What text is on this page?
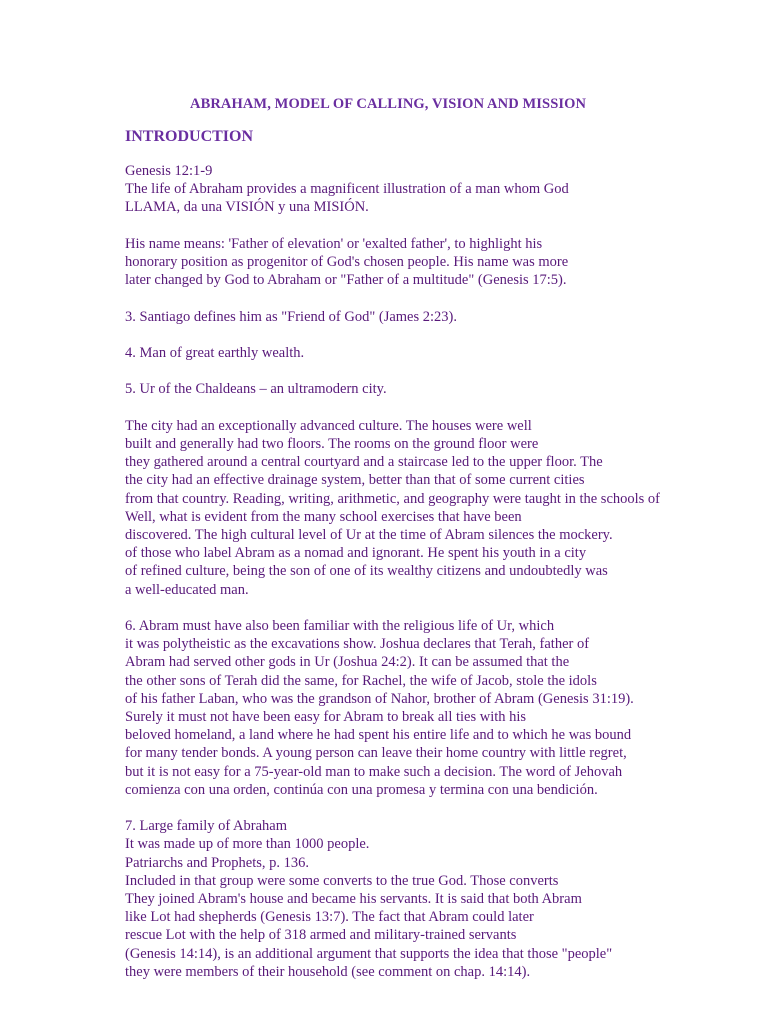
ABRAHAM, MODEL OF CALLING, VISION AND MISSION
INTRODUCTION

Genesis 12:1-9
The life of Abraham provides a magnificent illustration of a man whom God
LLAMA, da una VISIÓN y una MISIÓN.

His name means: 'Father of elevation' or 'exalted father', to highlight his
honorary position as progenitor of God's chosen people. His name was more
later changed by God to Abraham or "Father of a multitude" (Genesis 17:5).

3. Santiago defines him as "Friend of God" (James 2:23).

4. Man of great earthly wealth.

5. Ur of the Chaldeans – an ultramodern city.

The city had an exceptionally advanced culture. The houses were well
built and generally had two floors. The rooms on the ground floor were
they gathered around a central courtyard and a staircase led to the upper floor. The
the city had an effective drainage system, better than that of some current cities
from that country. Reading, writing, arithmetic, and geography were taught in the schools of
Well, what is evident from the many school exercises that have been
discovered. The high cultural level of Ur at the time of Abram silences the mockery.
of those who label Abram as a nomad and ignorant. He spent his youth in a city
of refined culture, being the son of one of its wealthy citizens and undoubtedly was
a well-educated man.

6. Abram must have also been familiar with the religious life of Ur, which
it was polytheistic as the excavations show. Joshua declares that Terah, father of
Abram had served other gods in Ur (Joshua 24:2). It can be assumed that the
the other sons of Terah did the same, for Rachel, the wife of Jacob, stole the idols
of his father Laban, who was the grandson of Nahor, brother of Abram (Genesis 31:19).
Surely it must not have been easy for Abram to break all ties with his
beloved homeland, a land where he had spent his entire life and to which he was bound
for many tender bonds. A young person can leave their home country with little regret,
but it is not easy for a 75-year-old man to make such a decision. The word of Jehovah
comienza con una orden, continúa con una promesa y termina con una bendición.

7. Large family of Abraham
It was made up of more than 1000 people.
Patriarchs and Prophets, p. 136.
Included in that group were some converts to the true God. Those converts
They joined Abram's house and became his servants. It is said that both Abram
like Lot had shepherds (Genesis 13:7). The fact that Abram could later
rescue Lot with the help of 318 armed and military-trained servants
(Genesis 14:14), is an additional argument that supports the idea that those "people"
they were members of their household (see comment on chap. 14:14).
